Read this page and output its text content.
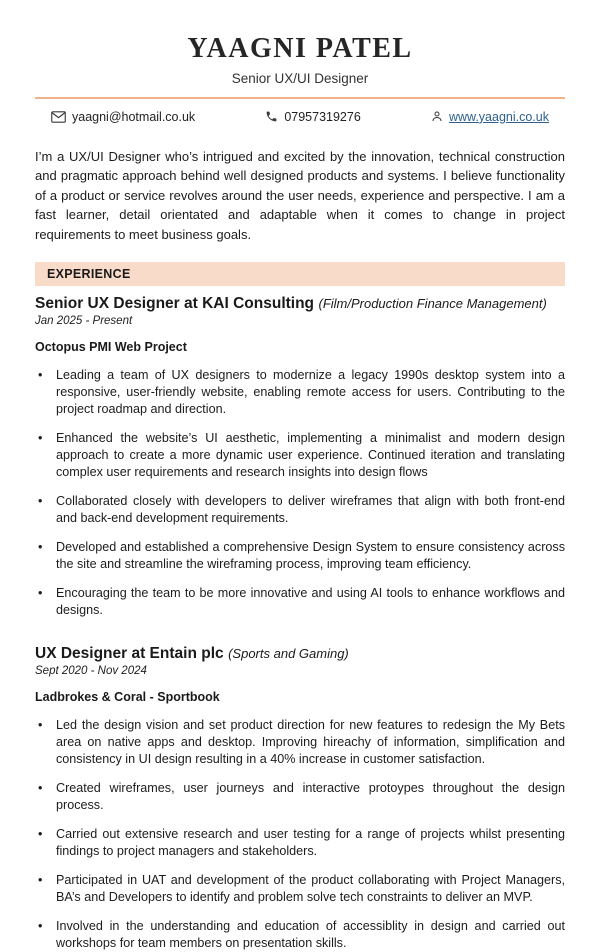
YAAGNI PATEL
Senior UX/UI Designer
yaagni@hotmail.co.uk	07957319276	www.yaagni.co.uk

I’m a UX/UI Designer who’s intrigued and excited by the innovation, technical construction and pragmatic approach behind well designed products and systems. I believe functionality of a product or service revolves around the user needs, experience and perspective. I am a fast learner, detail orientated and adaptable when it comes to change in project requirements to meet business goals.

EXPERIENCE
Senior UX Designer at KAI Consulting (Film/Production Finance Management)
Jan 2025 - Present
Octopus PMI Web Project
• Leading a team of UX designers to modernize a legacy 1990s desktop system into a responsive, user-friendly website, enabling remote access for users. Contributing to the project roadmap and direction.
• Enhanced the website’s UI aesthetic, implementing a minimalist and modern design approach to create a more dynamic user experience. Continued iteration and translating complex user requirements and research insights into design flows
• Collaborated closely with developers to deliver wireframes that align with both front-end and back-end development requirements.
• Developed and established a comprehensive Design System to ensure consistency across the site and streamline the wireframing process, improving team efficiency.
• Encouraging the team to be more innovative and using AI tools to enhance workflows and designs.
UX Designer at Entain plc (Sports and Gaming)
Sept 2020 - Nov 2024
Ladbrokes & Coral - Sportbook
• Led the design vision and set product direction for new features to redesign the My Bets area on native apps and desktop. Improving hireachy of information, simplification and consistency in UI design resulting in a 40% increase in customer satisfaction.
• Created wireframes, user journeys and interactive protoypes throughout the design process.
• Carried out extensive research and user testing for a range of projects whilst presenting findings to project managers and stakeholders.
• Participated in UAT and development of the product collaborating with Project Managers, BA’s and Developers to identify and problem solve tech constraints to deliver an MVP.
• Involved in the understanding and education of accessiblity in design and carried out workshops for team members on presentation skills.
